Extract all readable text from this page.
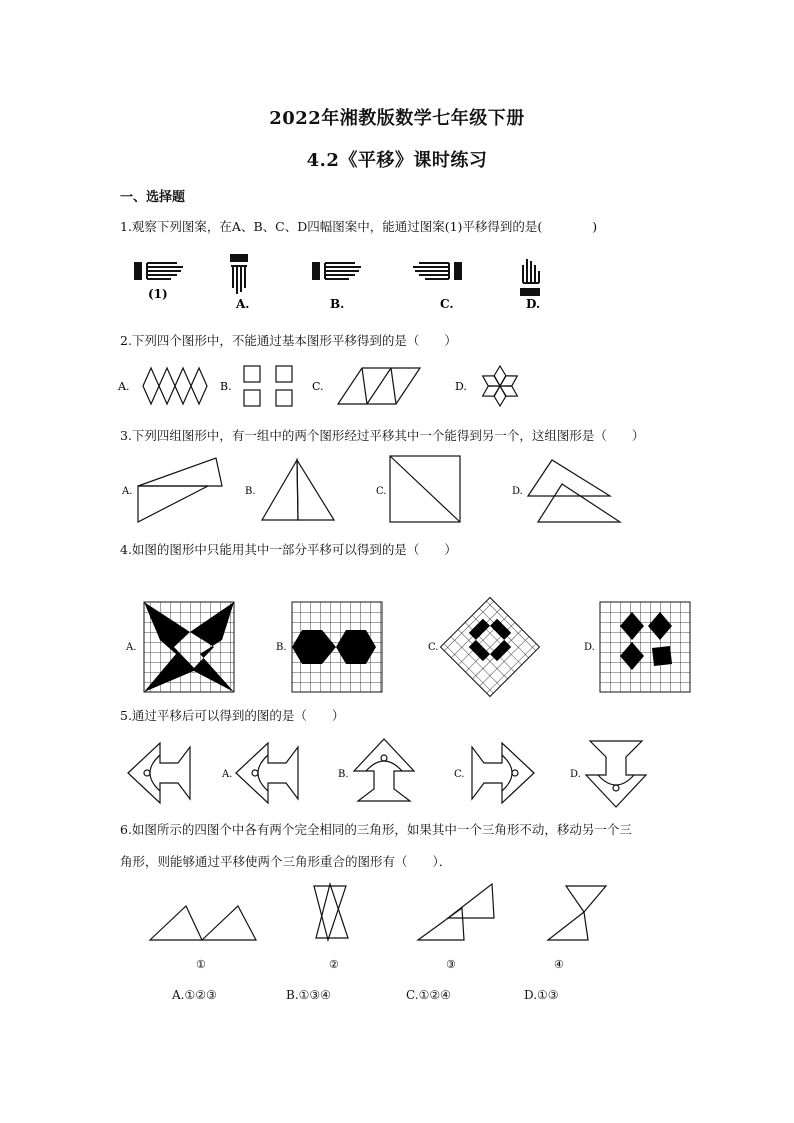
2022年湘教版数学七年级下册
4.2《平移》课时练习
一、选择题
1.观察下列图案，在A、B、C、D四幅图案中，能通过图案(1)平移得到的是(　　　　)
(1)
A.	B.	C.	D.
2.下列四个图形中，不能通过基本图形平移得到的是（　　）
A.	B.	C.	D.
3.下列四组图形中，有一组中的两个图形经过平移其中一个能得到另一个，这组图形是（　　）
A.	B.	C.	D.
4.如图的图形中只能用其中一部分平移可以得到的是（　　）
A.	B.	C.	D.
5.通过平移后可以得到的图的是（　　）
A.	B.	C.	D.
6.如图所示的四图个中各有两个完全相同的三角形，如果其中一个三角形不动，移动另一个三
角形，则能够通过平移使两个三角形重合的图形有（　　）．
①	②	③	④
A.①②③	B.①③④	C.①②④	D.①③
